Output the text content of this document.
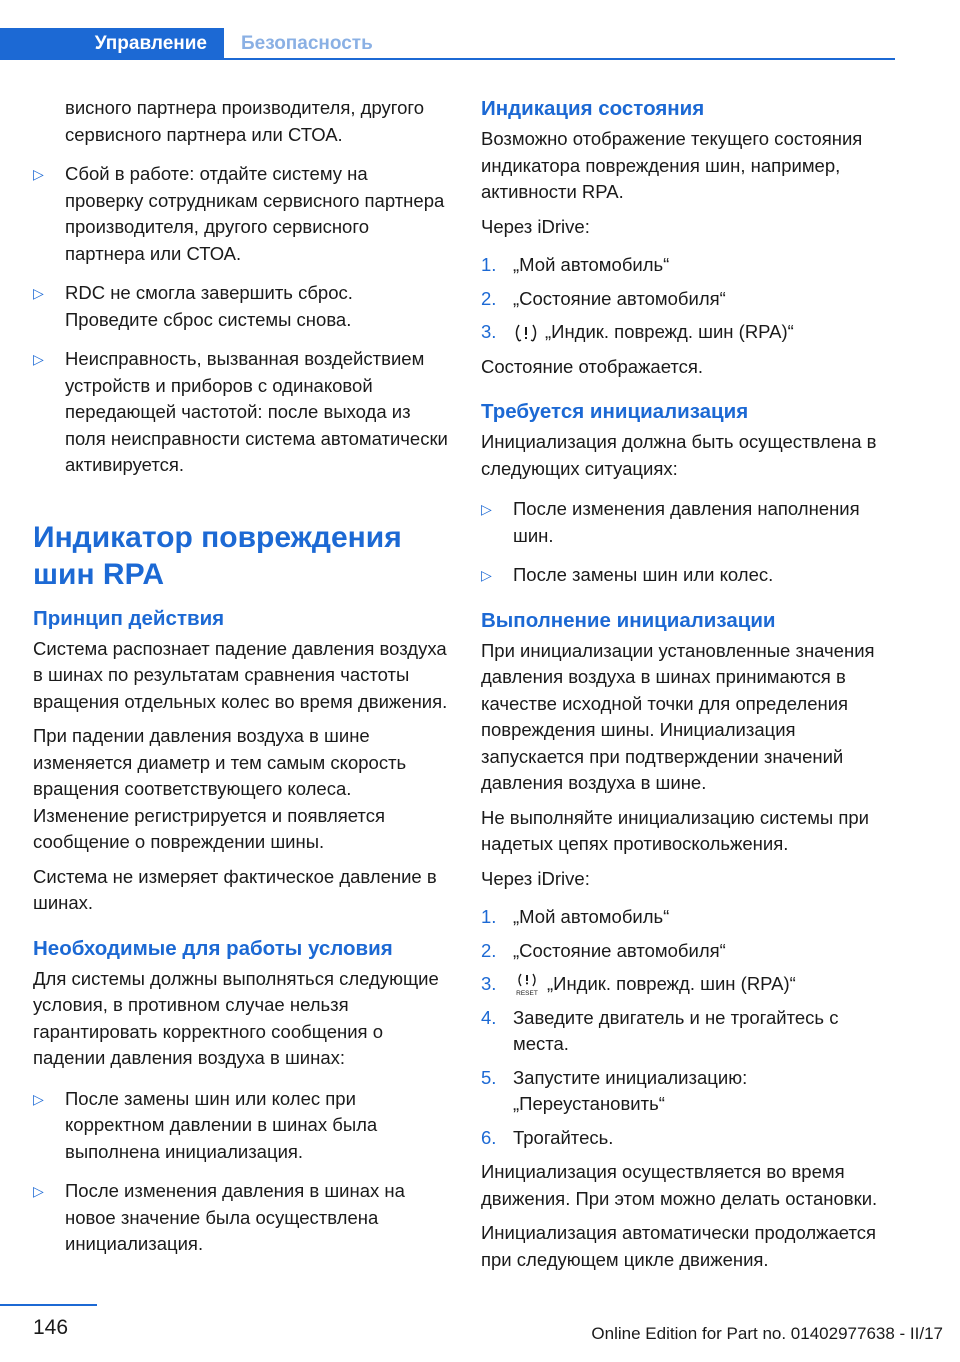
Управление	Безопасность
висного партнера производителя, другого сервисного партнера или СТОА.
▷ Сбой в работе: отдайте систему на проверку сотрудникам сервисного партнера производителя, другого сервисного партнера или СТОА.
▷ RDC не смогла завершить сброс. Проведите сброс системы снова.
▷ Неисправность, вызванная воздействием устройств и приборов с одинаковой передающей частотой: после выхода из поля неисправности система автоматически активируется.
Индикатор повреждения шин RPA
Принцип действия

Система распознает падение давления воздуха в шинах по результатам сравнения частоты вращения отдельных колес во время движения.

При падении давления воздуха в шине изменяется диаметр и тем самым скорость вращения соответствующего колеса. Изменение регистрируется и появляется сообщение о повреждении шины.

Система не измеряет фактическое давление в шинах.

Необходимые для работы условия

Для системы должны выполняться следующие условия, в противном случае нельзя гарантировать корректного сообщения о падении давления воздуха в шинах:

▷ После замены шин или колес при корректном давлении в шинах была выполнена инициализация.
▷ После изменения давления в шинах на новое значение была осуществлена инициализация.
Индикация состояния

Возможно отображение текущего состояния индикатора повреждения шин, например, активности RPA.

Через iDrive:

1. „Мой автомобиль“
2. „Состояние автомобиля“
3.	„Индик. поврежд. шин (RPA)“

Состояние отображается.

Требуется инициализация

Инициализация должна быть осуществлена в следующих ситуациях:

▷ После изменения давления наполнения шин.
▷ После замены шин или колес.
Выполнение инициализации

При инициализации установленные значения давления воздуха в шинах принимаются в качестве исходной точки для определения повреждения шины. Инициализация запускается при подтверждении значений давления воздуха в шине.

Не выполняйте инициализацию системы при надетых цепях противоскольжения.

Через iDrive:

1. „Мой автомобиль“
2. „Состояние автомобиля“
3.	RESET „Индик. поврежд. шин (RPA)“
4. Заведите двигатель и не трогайтесь с места.
5. Запустите инициализацию: „Переустановить“
6. Трогайтесь.

Инициализация осуществляется во время движения. При этом можно делать остановки.

Инициализация автоматически продолжается при следующем цикле движения.

146	Online Edition for Part no. 01402977638 - II/17
